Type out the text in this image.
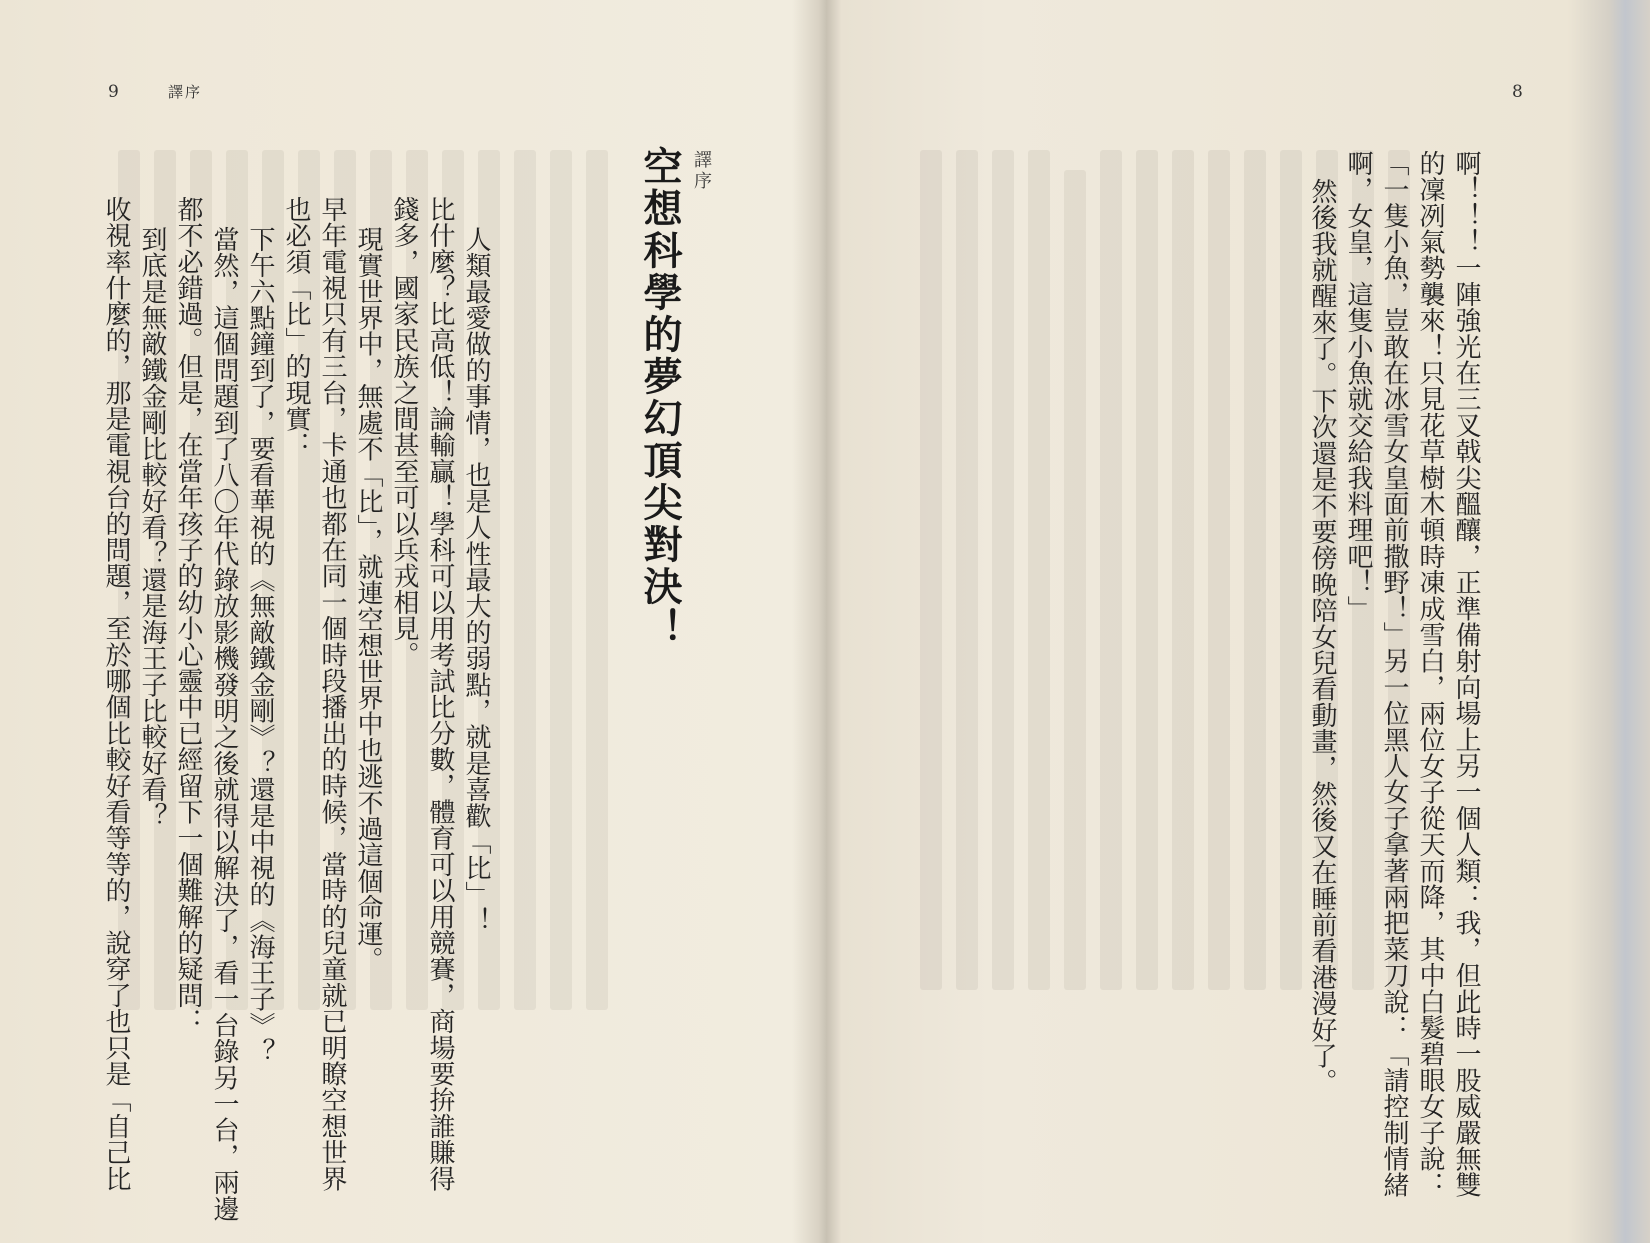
9	譯序
譯序
空想科學的夢幻頂尖對決！
人類最愛做的事情，也是人性最大的弱點，就是喜歡「比」！
比什麼？比高低！論輸贏！學科可以用考試比分數，體育可以用競賽，商場要拚誰賺得
錢多，國家民族之間甚至可以兵戎相見。
現實世界中，無處不「比」，就連空想世界中也逃不過這個命運。
早年電視只有三台，卡通也都在同一個時段播出的時候，當時的兒童就已明瞭空想世界
也必須「比」的現實：
下午六點鐘到了，要看華視的《無敵鐵金剛》？還是中視的《海王子》？
當然，這個問題到了八〇年代錄放影機發明之後就得以解決了，看一台錄另一台，兩邊
都不必錯過。但是，在當年孩子的幼小心靈中已經留下一個難解的疑問：
到底是無敵鐵金剛比較好看？還是海王子比較好看？
收視率什麼的，那是電視台的問題，至於哪個比較好看等等的，說穿了也只是「自己比
8
啊！！！一陣強光在三叉戟尖醞釀，正準備射向場上另一個人類：我，但此時一股威嚴無雙
的凜冽氣勢襲來！只見花草樹木頓時凍成雪白，兩位女子從天而降，其中白髮碧眼女子說：
「一隻小魚，豈敢在冰雪女皇面前撒野！」另一位黑人女子拿著兩把菜刀說：「請控制情緒
啊，女皇，這隻小魚就交給我料理吧！」
然後我就醒來了。下次還是不要傍晚陪女兒看動畫，然後又在睡前看港漫好了。
